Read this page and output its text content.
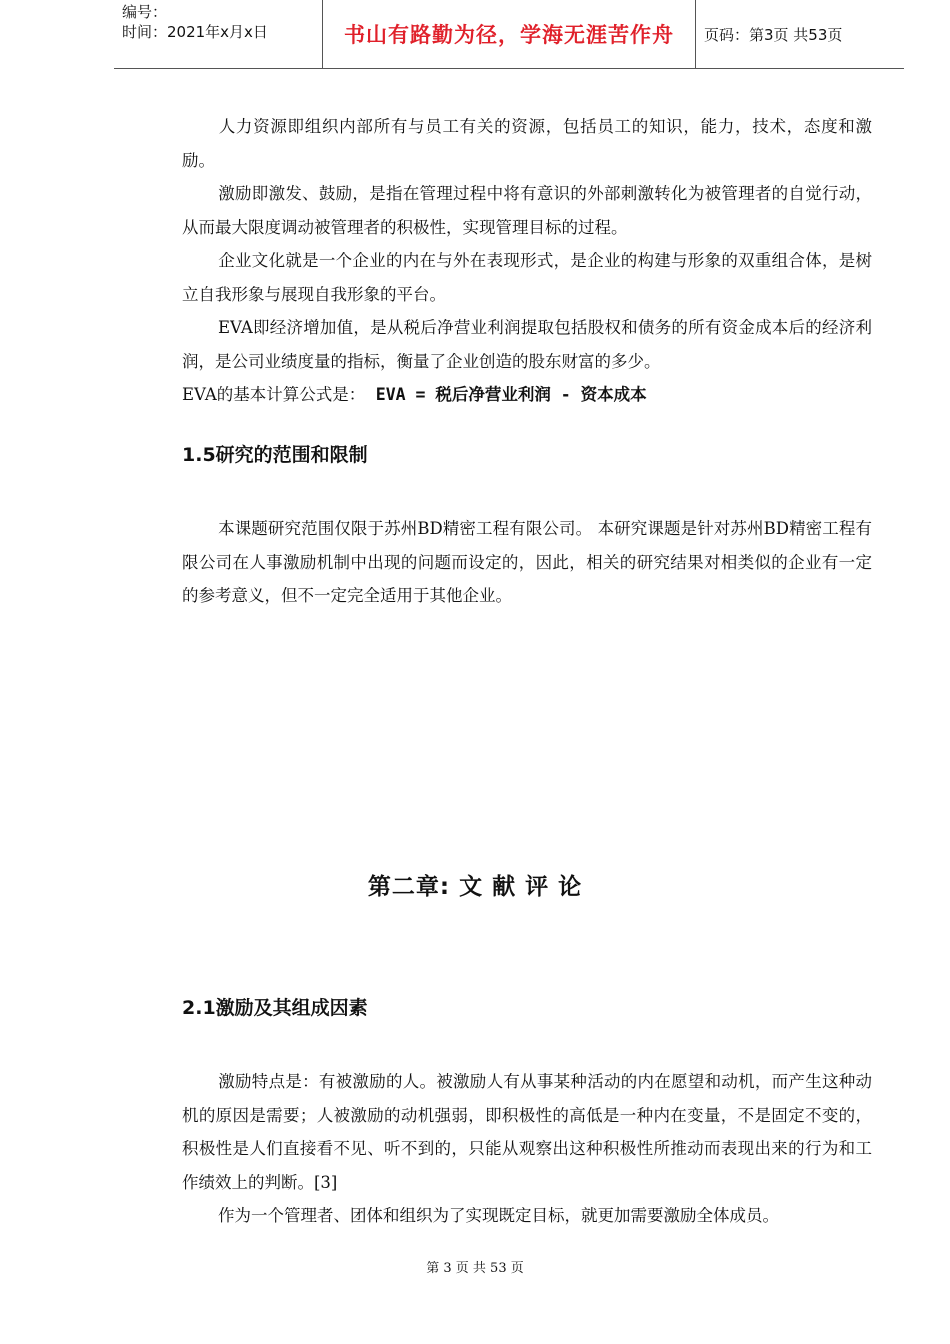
编号：
时间：2021年x月x日	书山有路勤为径，学海无涯苦作舟	页码：第3页 共53页

人力资源即组织内部所有与员工有关的资源，包括员工的知识，能力，技术，态度和激励。

激励即激发、鼓励，是指在管理过程中将有意识的外部刺激转化为被管理者的自觉行动，从而最大限度调动被管理者的积极性，实现管理目标的过程。

企业文化就是一个企业的内在与外在表现形式，是企业的构建与形象的双重组合体，是树立自我形象与展现自我形象的平台。

EVA即经济增加值，是从税后净营业利润提取包括股权和债务的所有资金成本后的经济利润，是公司业绩度量的指标，衡量了企业创造的股东财富的多少。

EVA的基本计算公式是： EVA = 税后净营业利润 - 资本成本

1.5研究的范围和限制

本课题研究范围仅限于苏州BD精密工程有限公司。 本研究课题是针对苏州BD精密工程有限公司在人事激励机制中出现的问题而设定的，因此，相关的研究结果对相类似的企业有一定的参考意义，但不一定完全适用于其他企业。

第二章: 文 献 评 论

2.1激励及其组成因素

激励特点是：有被激励的人。被激励人有从事某种活动的内在愿望和动机，而产生这种动机的原因是需要；人被激励的动机强弱，即积极性的高低是一种内在变量，不是固定不变的，积极性是人们直接看不见、听不到的，只能从观察出这种积极性所推动而表现出来的行为和工作绩效上的判断。[3]

作为一个管理者、团体和组织为了实现既定目标，就更加需要激励全体成员。

第 3 页 共 53 页
